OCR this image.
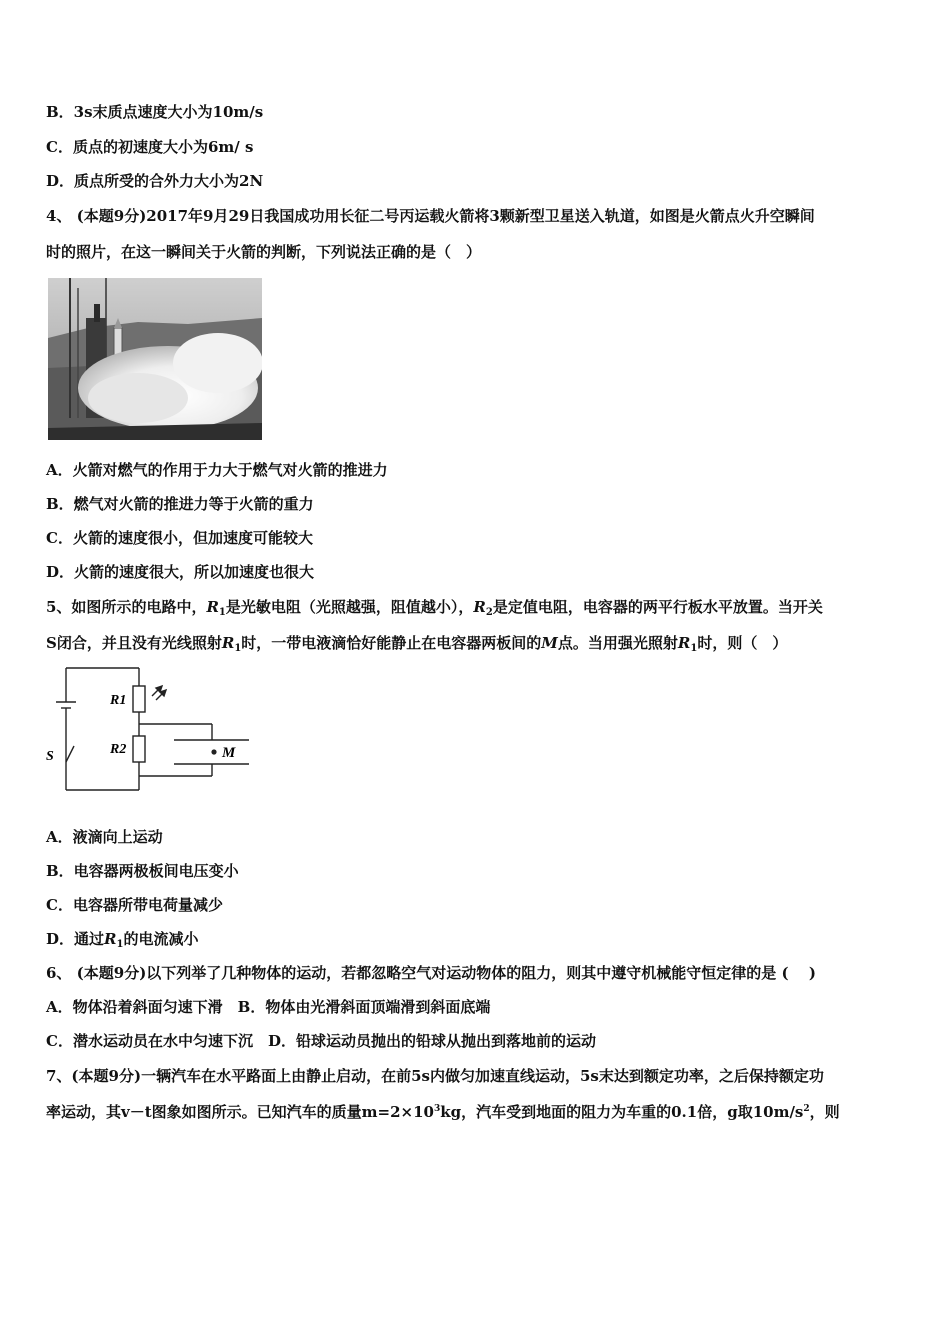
B．3s末质点速度大小为10m/s
C．质点的初速度大小为6m/ s
D．质点所受的合外力大小为2N
4、 (本题9分)2017年9月29日我国成功用长征二号丙运载火箭将3颗新型卫星送入轨道，如图是火箭点火升空瞬间
时的照片，在这一瞬间关于火箭的判断，下列说法正确的是（　）
A．火箭对燃气的作用于力大于燃气对火箭的推进力
B．燃气对火箭的推进力等于火箭的重力
C．火箭的速度很小，但加速度可能较大
D．火箭的速度很大，所以加速度也很大
5、如图所示的电路中，$R_1$是光敏电阻（光照越强，阻值越小），$R_2$是定值电阻，电容器的两平行板水平放置。当开关
S闭合，并且没有光线照射$R_1$时，一带电液滴恰好能静止在电容器两板间的M点。当用强光照射$R_1$时，则（　）
R1
R2
S	M
A．液滴向上运动
B．电容器两极板间电压变小
C．电容器所带电荷量减少
D．通过$R_1$的电流减小
6、 (本题9分)以下列举了几种物体的运动，若都忽略空气对运动物体的阻力，则其中遵守机械能守恒定律的是 (　 )
A．物体沿着斜面匀速下滑　B．物体由光滑斜面顶端滑到斜面底端
C．潜水运动员在水中匀速下沉　D．铅球运动员抛出的铅球从抛出到落地前的运动
7、(本题9分)一辆汽车在水平路面上由静止启动，在前5s内做匀加速直线运动，5s末达到额定功率，之后保持额定功
率运动，其v－t图象如图所示。已知汽车的质量$m=2\times 10^3kg$，汽车受到地面的阻力为车重的0.1倍，g取$10m/s^2$，则
